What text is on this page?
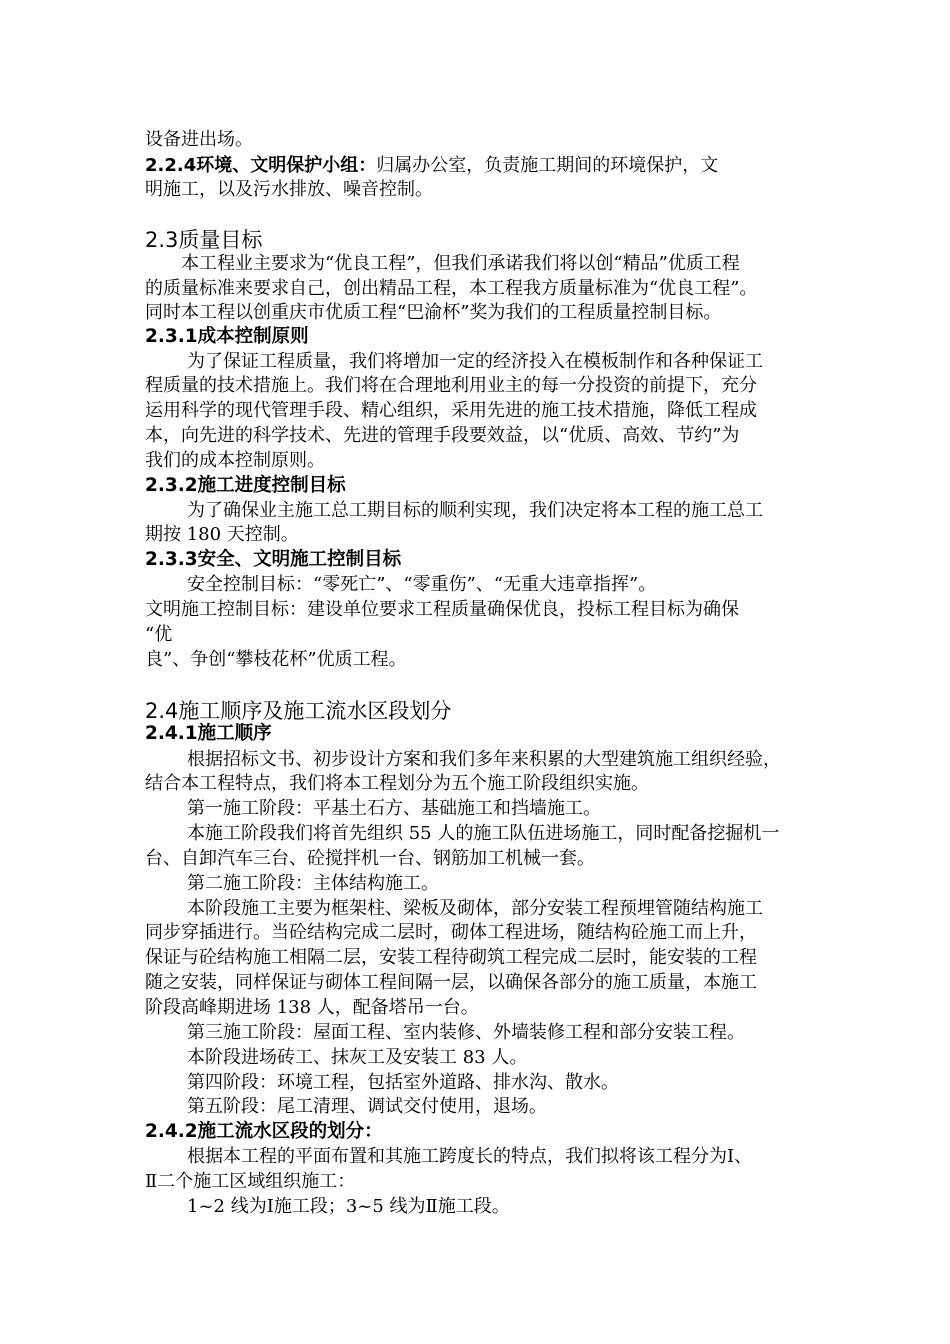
设备进出场。

2.2.4环境、文明保护小组：归属办公室，负责施工期间的环境保护，文

明施工，以及污水排放、噪音控制。

2.3质量目标

本工程业主要求为“优良工程”，但我们承诺我们将以创“精品”优质工程

的质量标准来要求自己，创出精品工程，本工程我方质量标准为“优良工程”。

同时本工程以创重庆市优质工程“巴渝杯”奖为我们的工程质量控制目标。

2.3.1成本控制原则

为了保证工程质量，我们将增加一定的经济投入在模板制作和各种保证工

程质量的技术措施上。我们将在合理地利用业主的每一分投资的前提下，充分

运用科学的现代管理手段、精心组织，采用先进的施工技术措施，降低工程成

本，向先进的科学技术、先进的管理手段要效益，以“优质、高效、节约”为

我们的成本控制原则。

2.3.2施工进度控制目标

为了确保业主施工总工期目标的顺利实现，我们决定将本工程的施工总工

期按 180 天控制。

2.3.3安全、文明施工控制目标

安全控制目标：“零死亡”、“零重伤”、“无重大违章指挥”。

文明施工控制目标：建设单位要求工程质量确保优良，投标工程目标为确保

“优

良”、争创“攀枝花杯”优质工程。

2.4施工顺序及施工流水区段划分

2.4.1施工顺序

根据招标文书、初步设计方案和我们多年来积累的大型建筑施工组织经验，

结合本工程特点，我们将本工程划分为五个施工阶段组织实施。

第一施工阶段：平基土石方、基础施工和挡墙施工。

本施工阶段我们将首先组织 55 人的施工队伍进场施工，同时配备挖掘机一

台、自卸汽车三台、砼搅拌机一台、钢筋加工机械一套。

第二施工阶段：主体结构施工。

本阶段施工主要为框架柱、梁板及砌体，部分安装工程预埋管随结构施工

同步穿插进行。当砼结构完成二层时，砌体工程进场，随结构砼施工而上升，

保证与砼结构施工相隔二层，安装工程待砌筑工程完成二层时，能安装的工程

随之安装，同样保证与砌体工程间隔一层，以确保各部分的施工质量，本施工

阶段高峰期进场 138 人，配备塔吊一台。

第三施工阶段：屋面工程、室内装修、外墙装修工程和部分安装工程。

本阶段进场砖工、抹灰工及安装工 83 人。

第四阶段：环境工程，包括室外道路、排水沟、散水。

第五阶段：尾工清理、调试交付使用，退场。

2.4.2施工流水区段的划分：

根据本工程的平面布置和其施工跨度长的特点，我们拟将该工程分为Ⅰ、

Ⅱ二个施工区域组织施工：

1~2 线为Ⅰ施工段；3~5 线为Ⅱ施工段。
